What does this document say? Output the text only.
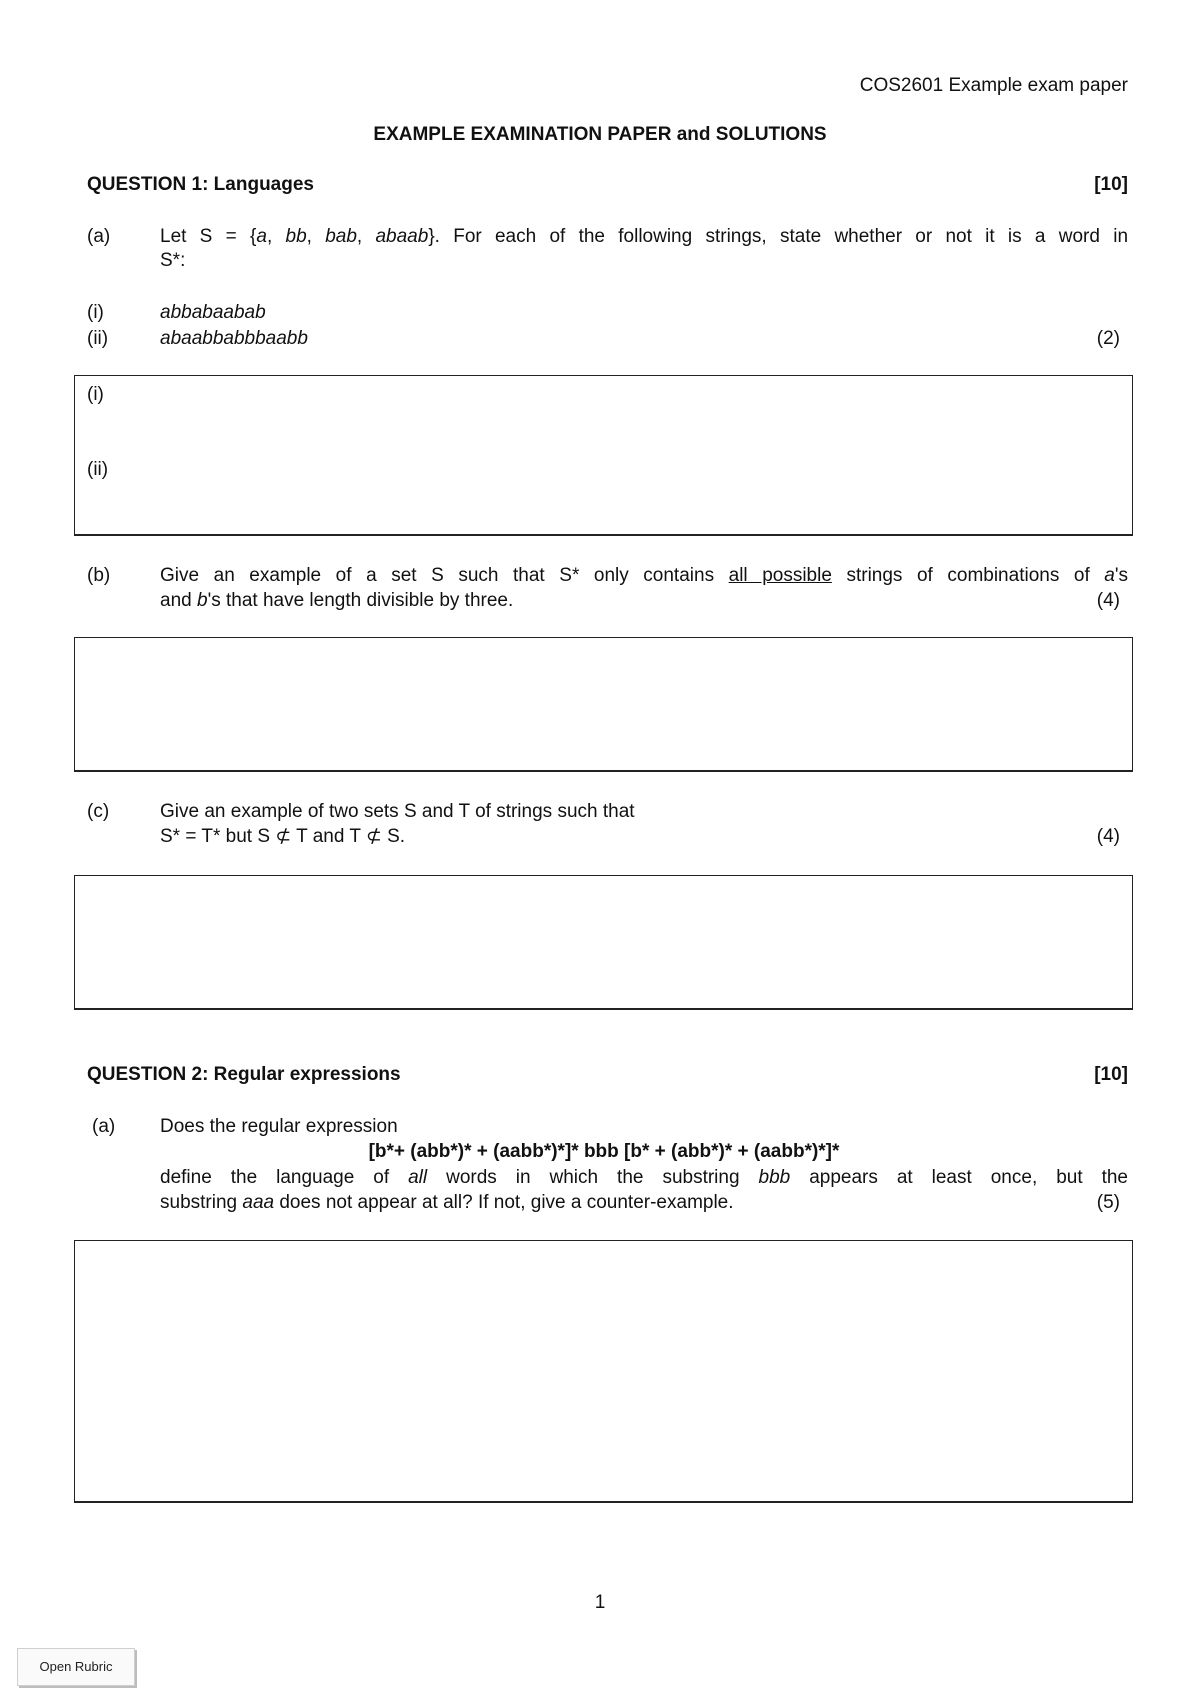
COS2601 Example exam paper
EXAMPLE EXAMINATION PAPER and SOLUTIONS
QUESTION 1: Languages	[10]
(a)	Let S = {a, bb, bab, abaab}. For each of the following strings, state whether or not it is a word in
S*:
(i)	abbabaabab
(ii)	abaabbabbbaabb	(2)
(i)
(ii)
(b)	Give an example of a set S such that S* only contains all possible strings of combinations of a's
and b's that have length divisible by three.	(4)
(c)	Give an example of two sets S and T of strings such that
S* = T* but S ⊄ T and T ⊄ S.	(4)
QUESTION 2: Regular expressions	[10]
(a) Does the regular expression
[b*+ (abb*)* + (aabb*)*]* bbb [b* + (abb*)* + (aabb*)*]*
define the language of all words in which the substring bbb appears at least once, but the
substring aaa does not appear at all? If not, give a counter-example.	(5)
1
Open Rubric
